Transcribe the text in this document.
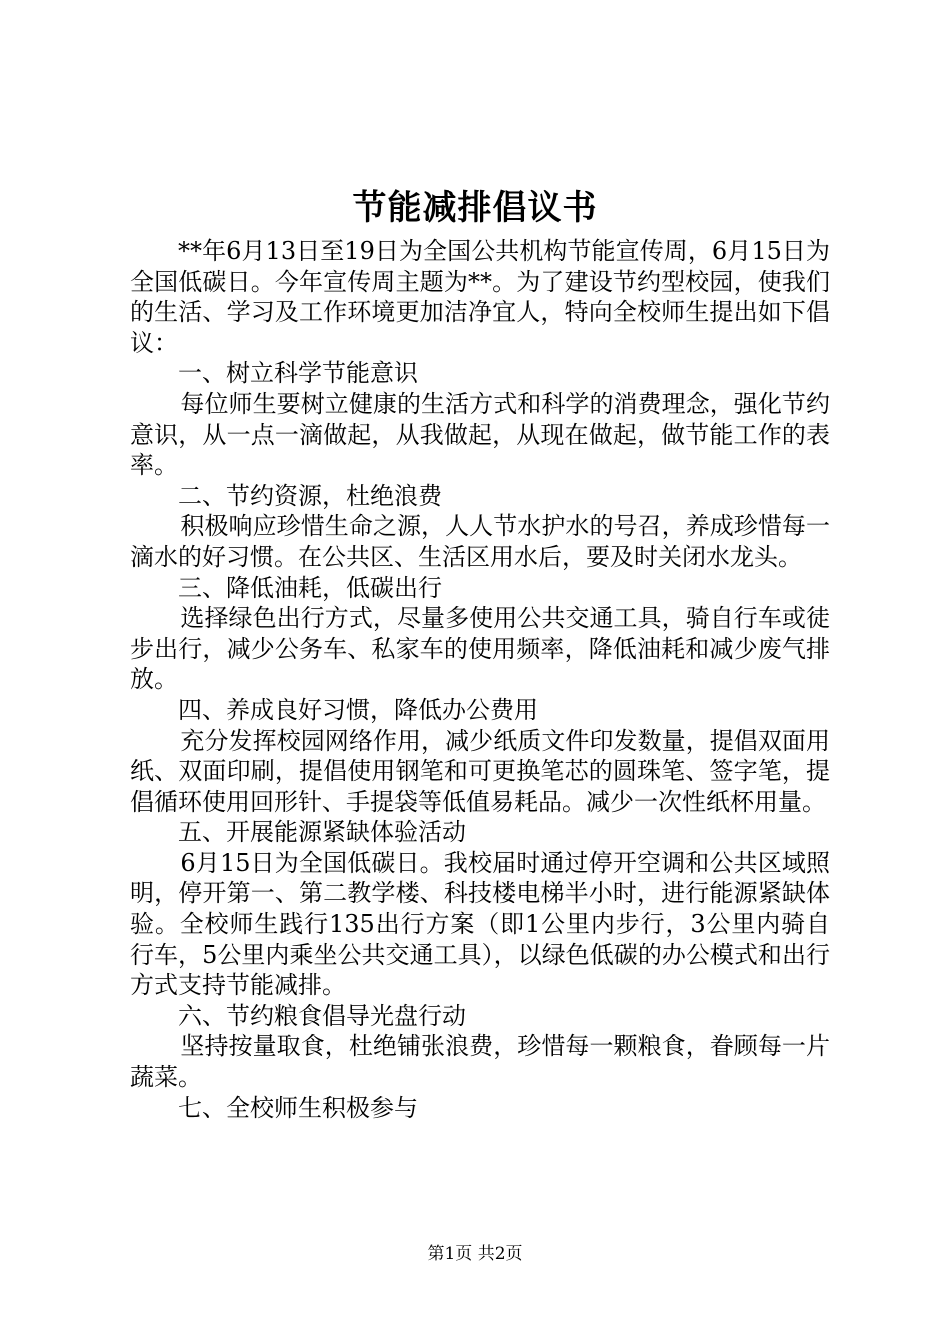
节能减排倡议书

**年6月13日至19日为全国公共机构节能宣传周，6月15日为全国低碳日。今年宣传周主题为**。为了建设节约型校园，使我们的生活、学习及工作环境更加洁净宜人，特向全校师生提出如下倡议：

一、树立科学节能意识

每位师生要树立健康的生活方式和科学的消费理念，强化节约意识，从一点一滴做起，从我做起，从现在做起，做节能工作的表率。

二、节约资源，杜绝浪费

积极响应珍惜生命之源，人人节水护水的号召，养成珍惜每一滴水的好习惯。在公共区、生活区用水后，要及时关闭水龙头。

三、降低油耗，低碳出行

选择绿色出行方式，尽量多使用公共交通工具，骑自行车或徒步出行，减少公务车、私家车的使用频率，降低油耗和减少废气排放。

四、养成良好习惯，降低办公费用

充分发挥校园网络作用，减少纸质文件印发数量，提倡双面用纸、双面印刷，提倡使用钢笔和可更换笔芯的圆珠笔、签字笔，提倡循环使用回形针、手提袋等低值易耗品。减少一次性纸杯用量。

五、开展能源紧缺体验活动

6月15日为全国低碳日。我校届时通过停开空调和公共区域照明，停开第一、第二教学楼、科技楼电梯半小时，进行能源紧缺体验。全校师生践行135出行方案（即1公里内步行，3公里内骑自行车，5公里内乘坐公共交通工具），以绿色低碳的办公模式和出行方式支持节能减排。

六、节约粮食倡导光盘行动

坚持按量取食，杜绝铺张浪费，珍惜每一颗粮食，眷顾每一片蔬菜。

七、全校师生积极参与

第1页 共2页
